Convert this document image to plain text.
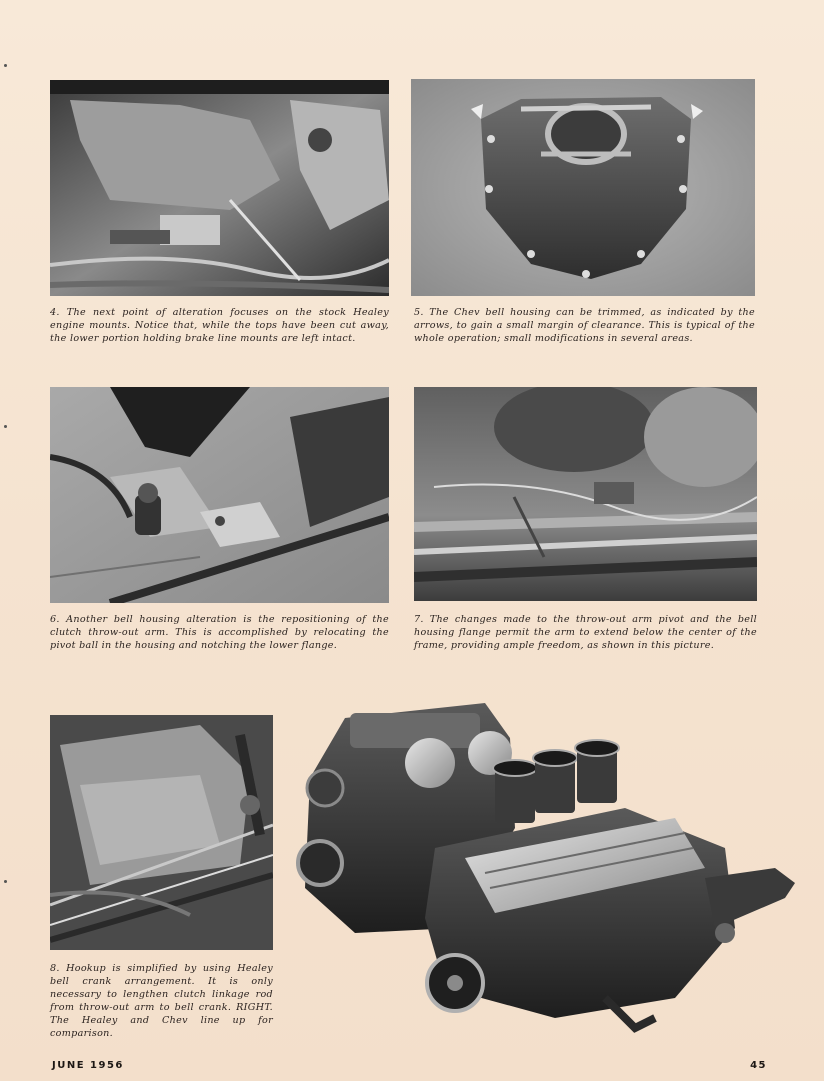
4. The next point of alteration focuses on the stock Healey engine mounts. Notice that, while the tops have been cut away, the lower portion holding brake line mounts are left intact.

5. The Chev bell housing can be trimmed, as indicated by the arrows, to gain a small margin of clearance. This is typical of the whole operation; small modifications in several areas.

6. Another bell housing alteration is the repositioning of the clutch throw-out arm. This is accomplished by relocating the pivot ball in the housing and notching the lower flange.

7. The changes made to the throw-out arm pivot and the bell housing flange permit the arm to extend below the center of the frame, providing ample freedom, as shown in this picture.

8. Hookup is simplified by using Healey bell crank arrangement. It is only necessary to lengthen clutch linkage rod from throw-out arm to bell crank. RIGHT. The Healey and Chev line up for comparison.

JUNE 1956	45
